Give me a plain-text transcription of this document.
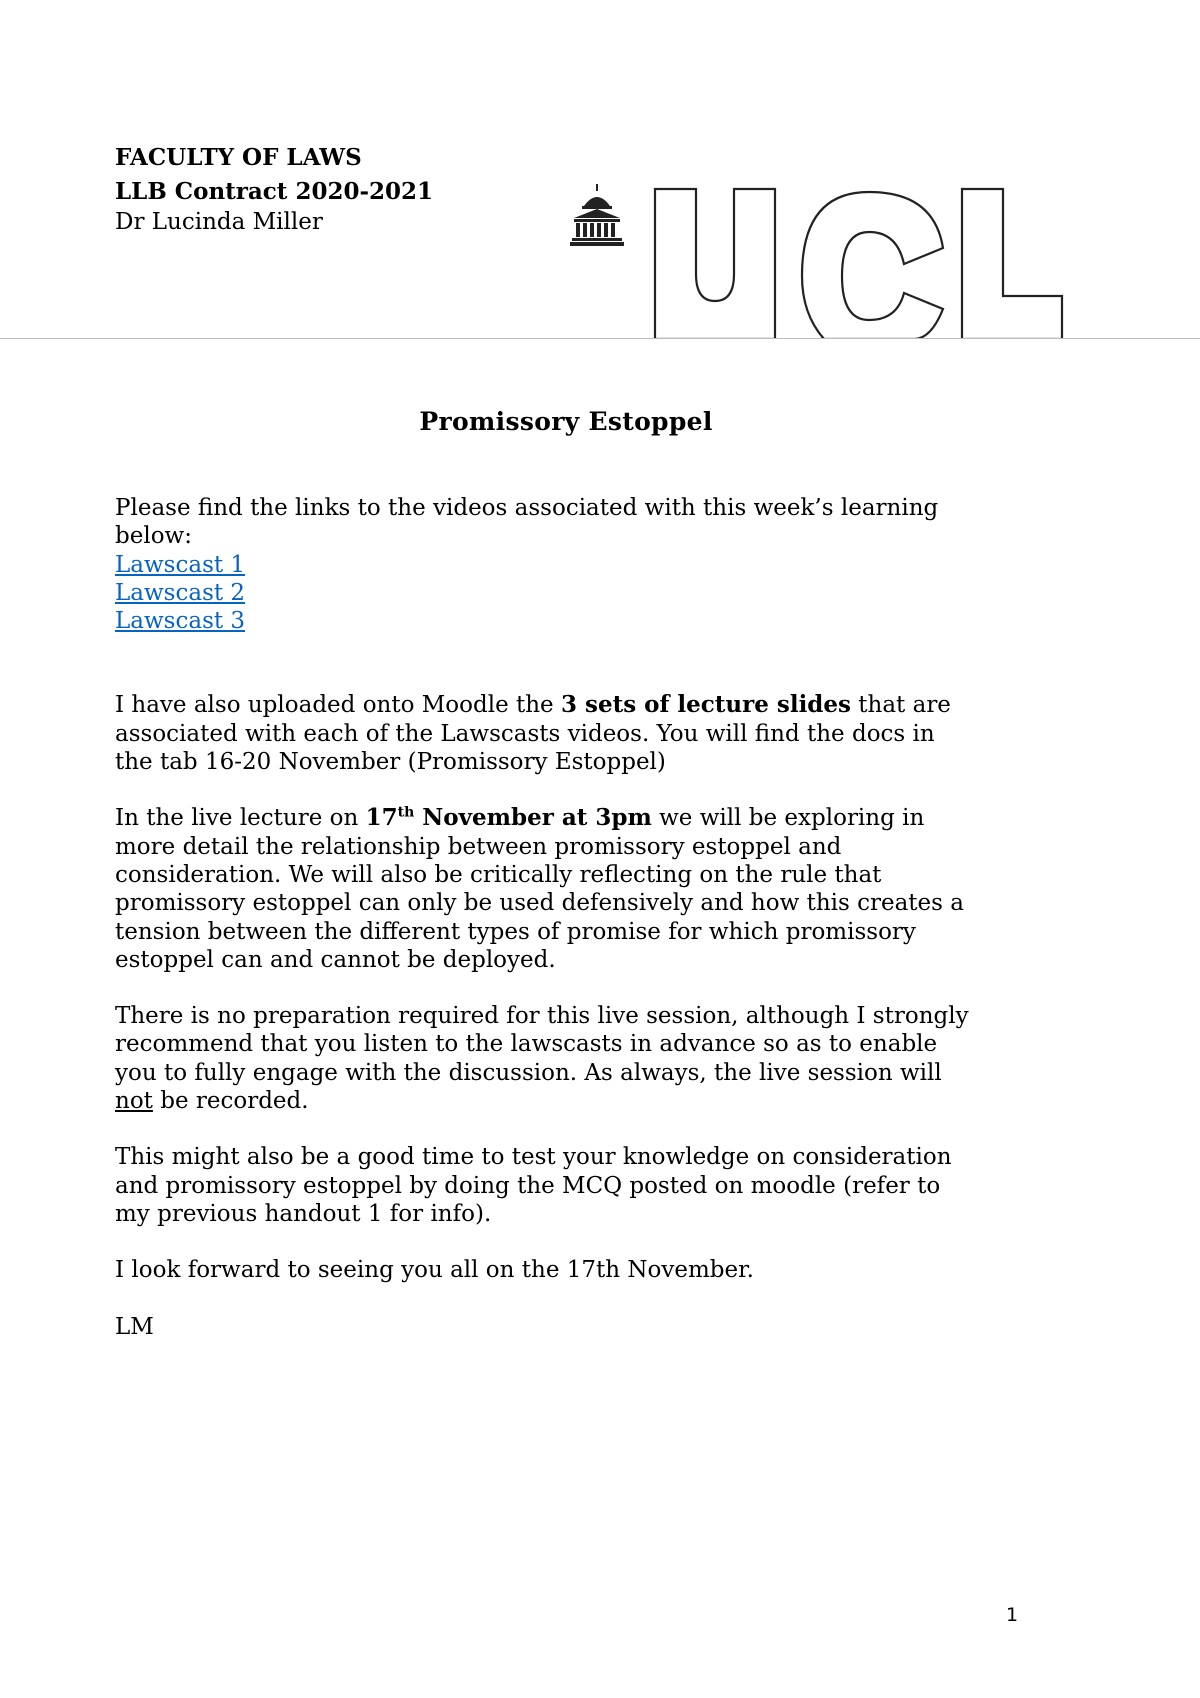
FACULTY OF LAWS
LLB Contract 2020-2021
Dr Lucinda Miller
Promissory Estoppel

Please find the links to the videos associated with this week’s learning

below:

Lawscast 1
Lawscast 2
Lawscast 3

I have also uploaded onto Moodle the 3 sets of lecture slides that are

associated with each of the Lawscasts videos. You will find the docs in

the tab 16-20 November (Promissory Estoppel)

In the live lecture on 17th November at 3pm we will be exploring in

more detail the relationship between promissory estoppel and

consideration. We will also be critically reflecting on the rule that

promissory estoppel can only be used defensively and how this creates a

tension between the different types of promise for which promissory

estoppel can and cannot be deployed.

There is no preparation required for this live session, although I strongly

recommend that you listen to the lawscasts in advance so as to enable

you to fully engage with the discussion. As always, the live session will

not be recorded.

This might also be a good time to test your knowledge on consideration

and promissory estoppel by doing the MCQ posted on moodle (refer to

my previous handout 1 for info).

I look forward to seeing you all on the 17th November.

LM

1
